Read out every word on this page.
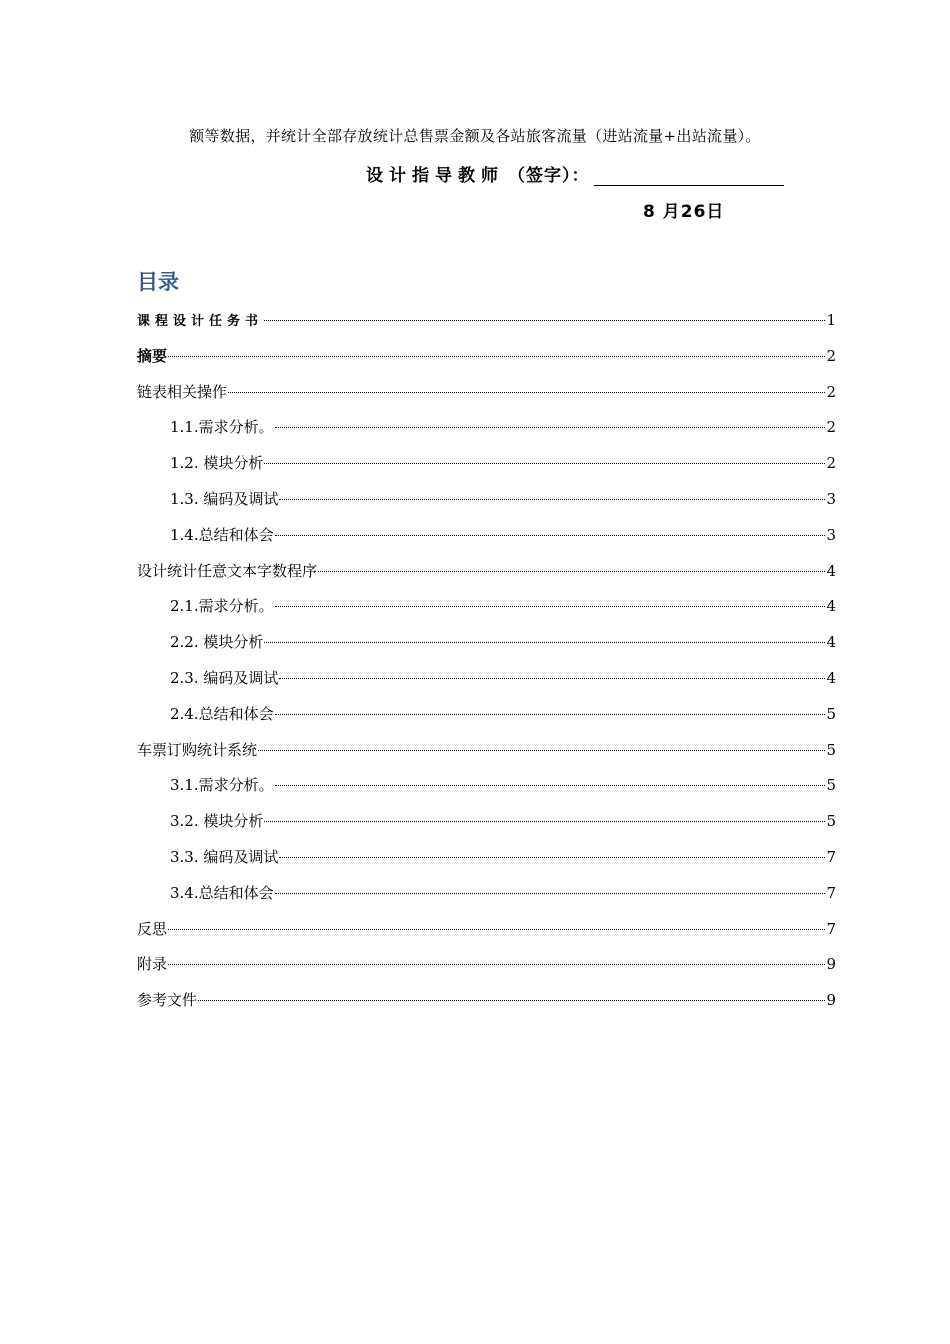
额等数据，并统计全部存放统计总售票金额及各站旅客流量（进站流量+出站流量）。
设计指导教师 （签字）：
8 月26日
目录
课程设计任务书	1
摘要	2
链表相关操作	2
1.1.需求分析。	2
1.2. 模块分析	2
1.3. 编码及调试	3
1.4.总结和体会	3
设计统计任意文本字数程序	4
2.1.需求分析。	4
2.2. 模块分析	4
2.3. 编码及调试	4
2.4.总结和体会	5
车票订购统计系统	5
3.1.需求分析。	5
3.2. 模块分析	5
3.3. 编码及调试	7
3.4.总结和体会	7
反思	7
附录	9
参考文件	9
